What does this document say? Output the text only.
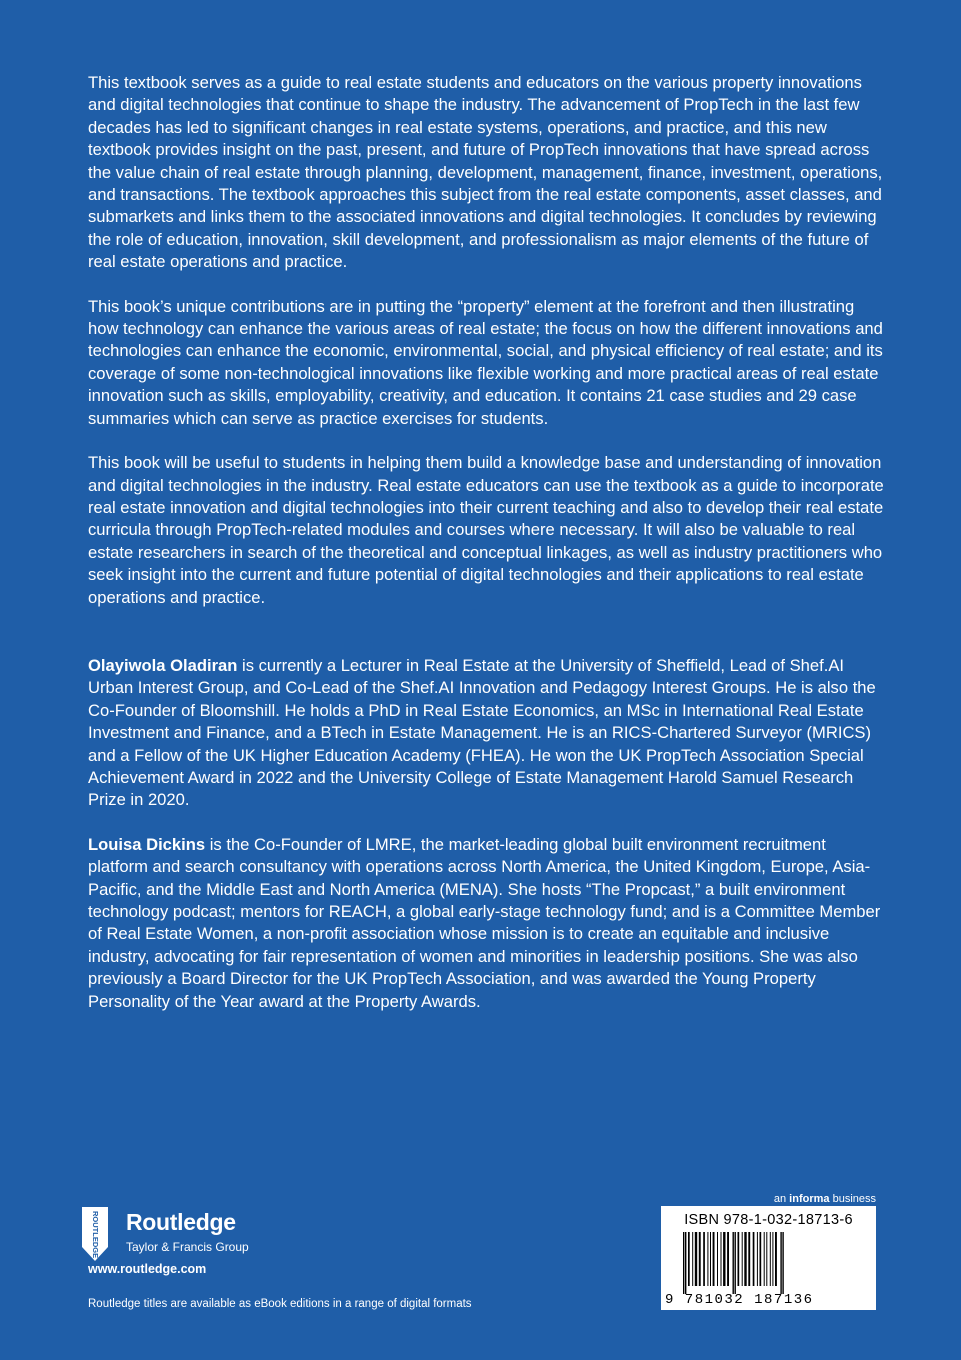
This textbook serves as a guide to real estate students and educators on the various property innovations and digital technologies that continue to shape the industry. The advancement of PropTech in the last few decades has led to significant changes in real estate systems, operations, and practice, and this new textbook provides insight on the past, present, and future of PropTech innovations that have spread across the value chain of real estate through planning, development, management, finance, investment, operations, and transactions. The textbook approaches this subject from the real estate components, asset classes, and submarkets and links them to the associated innovations and digital technologies. It concludes by reviewing the role of education, innovation, skill development, and professionalism as major elements of the future of real estate operations and practice.

This book’s unique contributions are in putting the “property” element at the forefront and then illustrating how technology can enhance the various areas of real estate; the focus on how the different innovations and technologies can enhance the economic, environmental, social, and physical efficiency of real estate; and its coverage of some non-technological innovations like flexible working and more practical areas of real estate innovation such as skills, employability, creativity, and education. It contains 21 case studies and 29 case summaries which can serve as practice exercises for students.

This book will be useful to students in helping them build a knowledge base and understanding of innovation and digital technologies in the industry. Real estate educators can use the textbook as a guide to incorporate real estate innovation and digital technologies into their current teaching and also to develop their real estate curricula through PropTech-related modules and courses where necessary. It will also be valuable to real estate researchers in search of the theoretical and conceptual linkages, as well as industry practitioners who seek insight into the current and future potential of digital technologies and their applications to real estate operations and practice.

Olayiwola Oladiran is currently a Lecturer in Real Estate at the University of Sheffield, Lead of Shef.AI Urban Interest Group, and Co-Lead of the Shef.AI Innovation and Pedagogy Interest Groups. He is also the Co-Founder of Bloomshill. He holds a PhD in Real Estate Economics, an MSc in International Real Estate Investment and Finance, and a BTech in Estate Management. He is an RICS-Chartered Surveyor (MRICS) and a Fellow of the UK Higher Education Academy (FHEA). He won the UK PropTech Association Special Achievement Award in 2022 and the University College of Estate Management Harold Samuel Research Prize in 2020.

Louisa Dickins is the Co-Founder of LMRE, the market-leading global built environment recruitment platform and search consultancy with operations across North America, the United Kingdom, Europe, Asia-Pacific, and the Middle East and North America (MENA). She hosts “The Propcast,” a built environment technology podcast; mentors for REACH, a global early-stage technology fund; and is a Committee Member of Real Estate Women, a non-profit association whose mission is to create an equitable and inclusive industry, advocating for fair representation of women and minorities in leadership positions. She was also previously a Board Director for the UK PropTech Association, and was awarded the Young Property Personality of the Year award at the Property Awards.

ROUTLEDGE Routledge
Taylor & Francis Group
www.routledge.com
Routledge titles are available as eBook editions in a range of digital formats
an informa business
ISBN 978-1-032-18713-6
9 781032 187136
